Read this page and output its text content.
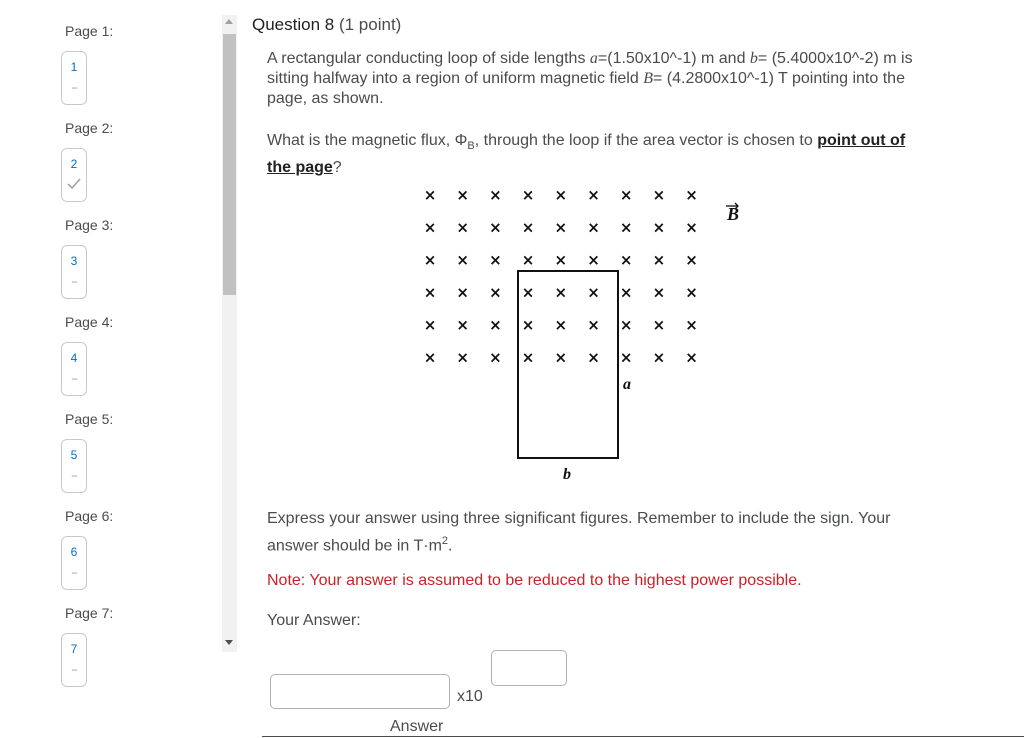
Page 1:
1
--
Page 2:
2
Page 3:
3
--
Page 4:
4
--
Page 5:
5
--
Page 6:
6
--
Page 7:
7
--
Question 8 (1 point)
A rectangular conducting loop of side lengths a=(1.50x10^-1) m and b= (5.4000x10^-2) m is sitting halfway into a region of uniform magnetic field B= (4.2800x10^-1) T pointing into the page, as shown.
What is the magnetic flux, $\Phi_B$, through the loop if the area vector is chosen to point out of the page?
Express your answer using three significant figures. Remember to include the sign. Your answer should be in $T\cdot m^2$.
Note: Your answer is assumed to be reduced to the highest power possible.
Your Answer:
× × × × × × × × ×
× × × × × × × × ×
× × × × × × × × ×
× × × × × × × × ×
× × × × × × × × ×
× × × × × × × × ×
B
a
b
x10
Answer
